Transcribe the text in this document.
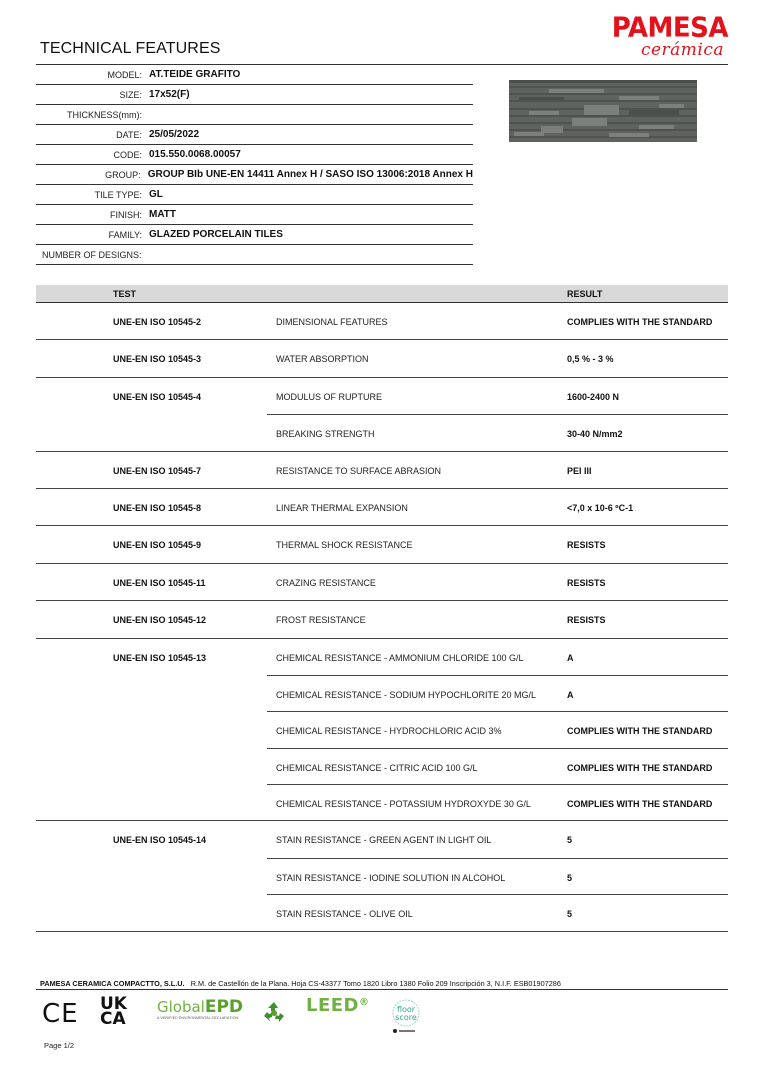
TECHNICAL FEATURES
PAMESA
cerámica
MODEL: AT.TEIDE GRAFITO
SIZE: 17x52(F)
THICKNESS(mm):
DATE: 25/05/2022
CODE: 015.550.0068.00057
GROUP: GROUP BIb UNE-EN 14411 Annex H / SASO ISO 13006:2018 Annex H
TILE TYPE: GL
FINISH: MATT
FAMILY: GLAZED PORCELAIN TILES
NUMBER OF DESIGNS:
TEST	RESULT
UNE-EN ISO 10545-2	DIMENSIONAL FEATURES	COMPLIES WITH THE STANDARD
UNE-EN ISO 10545-3	WATER ABSORPTION	0,5 % - 3 %
UNE-EN ISO 10545-4	MODULUS OF RUPTURE	1600-2400 N
BREAKING STRENGTH	30-40 N/mm2
UNE-EN ISO 10545-7	RESISTANCE TO SURFACE ABRASION	PEI III
UNE-EN ISO 10545-8	LINEAR THERMAL EXPANSION	<7,0 x 10-6 ºC-1
UNE-EN ISO 10545-9	THERMAL SHOCK RESISTANCE	RESISTS
UNE-EN ISO 10545-11	CRAZING RESISTANCE	RESISTS
UNE-EN ISO 10545-12	FROST RESISTANCE	RESISTS
UNE-EN ISO 10545-13	CHEMICAL RESISTANCE - AMMONIUM CHLORIDE 100 G/L	A
CHEMICAL RESISTANCE - SODIUM HYPOCHLORITE 20 MG/L	A
CHEMICAL RESISTANCE - HYDROCHLORIC ACID 3%	COMPLIES WITH THE STANDARD
CHEMICAL RESISTANCE - CITRIC ACID 100 G/L	COMPLIES WITH THE STANDARD
CHEMICAL RESISTANCE - POTASSIUM HYDROXYDE 30 G/L	COMPLIES WITH THE STANDARD
UNE-EN ISO 10545-14	STAIN RESISTANCE - GREEN AGENT IN LIGHT OIL	5
STAIN RESISTANCE - IODINE SOLUTION IN ALCOHOL	5
STAIN RESISTANCE - OLIVE OIL	5
PAMESA CERAMICA COMPACTTO, S.L.U. R.M. de Castellón de la Plana. Hoja CS-43377 Tomo 1820 Libro 1380 Folio 209 Inscripción 3, N.I.F. ESB01907286
CE UK
CA
GlobalEPD
A VERIFIED ENVIRONMENTAL DECLARATION
LEED®
floor
score
Page 1/2
